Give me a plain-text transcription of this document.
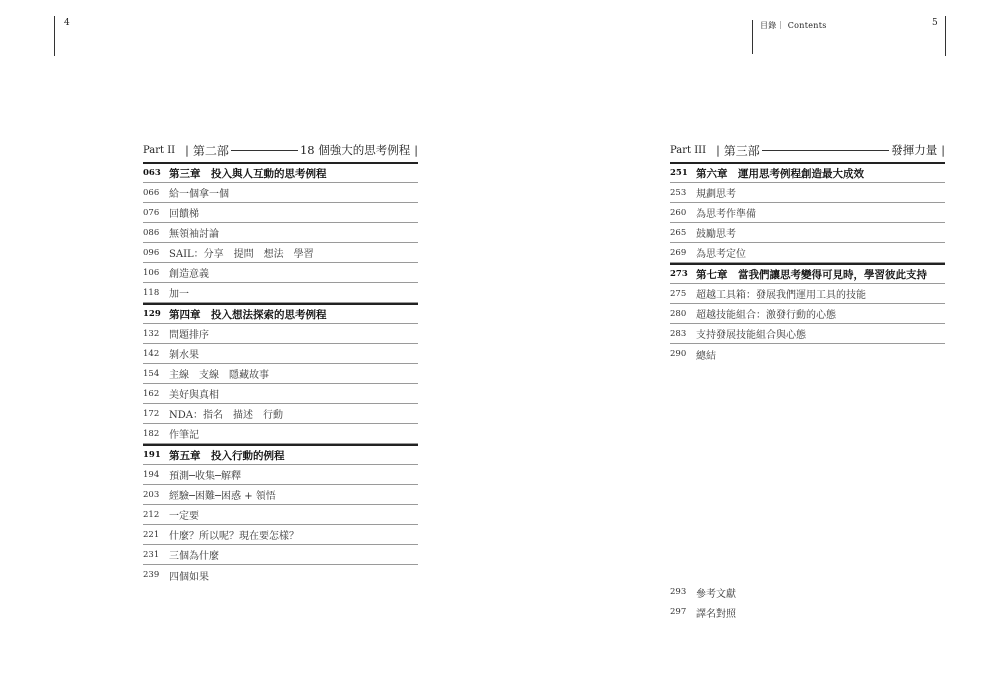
4
Part II | 第二部	18 個強大的思考例程 |
063 第三章　投入與人互動的思考例程
066 給一個拿一個
076 回饋梯
086 無領袖討論
096 SAIL：分享　提問　想法　學習
106 創造意義
118 加一
129 第四章　投入想法探索的思考例程
132 問題排序
142 剝水果
154 主線　支線　隱藏故事
162 美好與真相
172 NDA：指名　描述　行動
182 作筆記
191 第五章　投入行動的例程
194 預測─收集─解釋
203 經驗─困難─困惑 + 領悟
212 一定要
221 什麼？所以呢？現在要怎樣？
231 三個為什麼
239 四個如果
目錄｜ Contents	5
Part III | 第三部	發揮力量 |
251 第六章　運用思考例程創造最大成效
253 規劃思考
260 為思考作準備
265 鼓勵思考
269 為思考定位
273 第七章　當我們讓思考變得可見時，學習彼此支持
275 超越工具箱：發展我們運用工具的技能
280 超越技能組合：激發行動的心態
283 支持發展技能組合與心態
290 總結
293 參考文獻
297 譯名對照
